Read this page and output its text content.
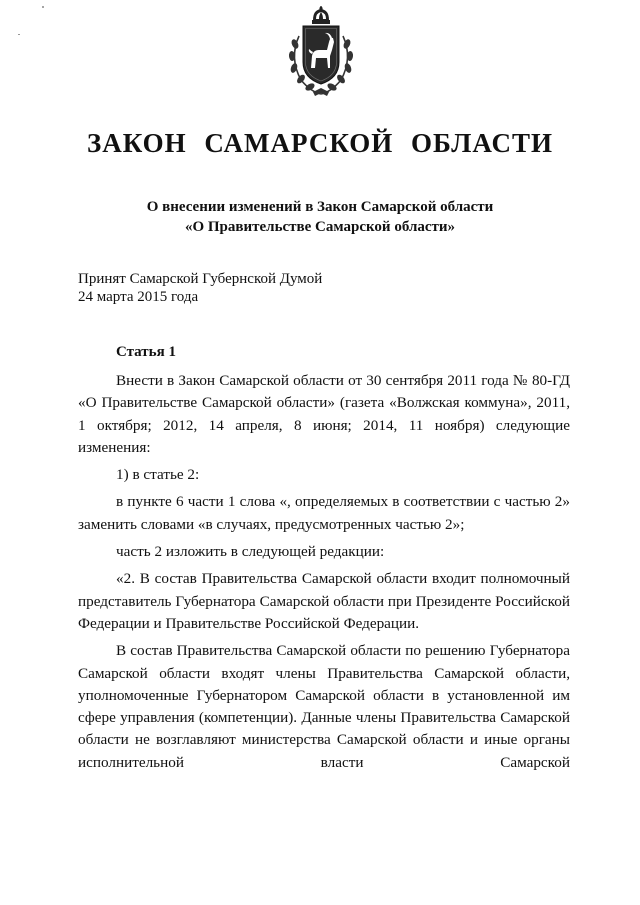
ЗАКОН САМАРСКОЙ ОБЛАСТИ
О внесении изменений в Закон Самарской области
«О Правительстве Самарской области»
Принят Самарской Губернской Думой
24 марта 2015 года
Статья 1

Внести в Закон Самарской области от 30 сентября 2011 года № 80-ГД «О Правительстве Самарской области» (газета «Волжская коммуна», 2011, 1 октября; 2012, 14 апреля, 8 июня; 2014, 11 ноября) следующие изменения:

1) в статье 2:

в пункте 6 части 1 слова «, определяемых в соответствии с частью 2» заменить словами «в случаях, предусмотренных частью 2»;

часть 2 изложить в следующей редакции:

«2. В состав Правительства Самарской области входит полномочный представитель Губернатора Самарской области при Президенте Российской Федерации и Правительстве Российской Федерации.

В состав Правительства Самарской области по решению Губернатора Самарской области входят члены Правительства Самарской области, уполномоченные Губернатором Самарской области в установленной им сфере управления (компетенции). Данные члены Правительства Самарской области не возглавляют министерства Самарской области и иные органы исполнительной власти Самарской
